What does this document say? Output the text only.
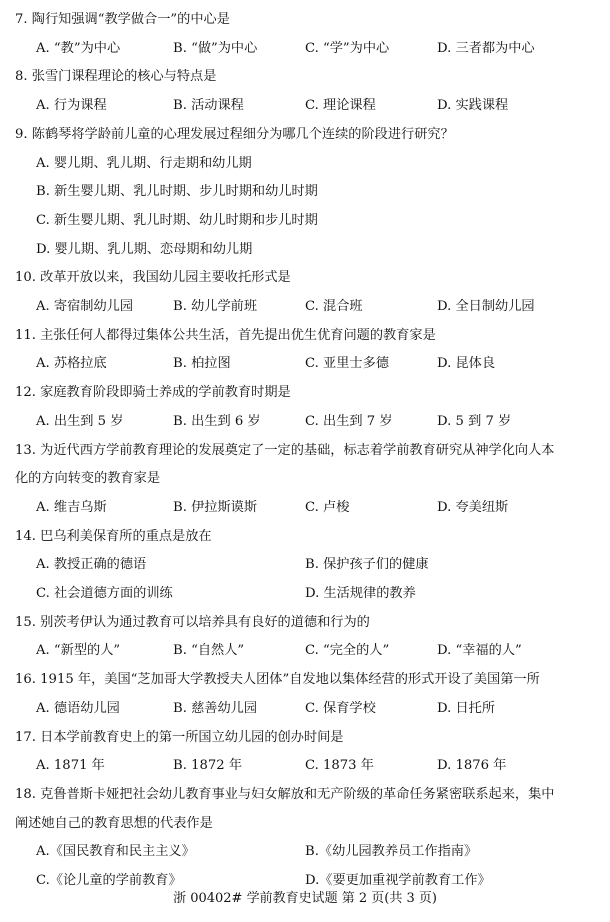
7. 陶行知强调“教学做合一”的中心是
A. “教”为中心	B. “做”为中心	C. “学”为中心	D. 三者都为中心
8. 张雪门课程理论的核心与特点是
A. 行为课程	B. 活动课程	C. 理论课程	D. 实践课程
9. 陈鹤琴将学龄前儿童的心理发展过程细分为哪几个连续的阶段进行研究？
A. 婴儿期、乳儿期、行走期和幼儿期
B. 新生婴儿期、乳儿时期、步儿时期和幼儿时期
C. 新生婴儿期、乳儿时期、幼儿时期和步儿时期
D. 婴儿期、乳儿期、恋母期和幼儿期
10. 改革开放以来，我国幼儿园主要收托形式是
A. 寄宿制幼儿园	B. 幼儿学前班	C. 混合班	D. 全日制幼儿园
11. 主张任何人都得过集体公共生活，首先提出优生优育问题的教育家是
A. 苏格拉底	B. 柏拉图	C. 亚里士多德	D. 昆体良
12. 家庭教育阶段即骑士养成的学前教育时期是
A. 出生到 5 岁	B. 出生到 6 岁	C. 出生到 7 岁	D. 5 到 7 岁
13. 为近代西方学前教育理论的发展奠定了一定的基础，标志着学前教育研究从神学化向人本
化的方向转变的教育家是
A. 维吉乌斯	B. 伊拉斯谟斯	C. 卢梭	D. 夸美纽斯
14. 巴乌利美保育所的重点是放在
A. 教授正确的德语	B. 保护孩子们的健康
C. 社会道德方面的训练	D. 生活规律的教养
15. 别茨考伊认为通过教育可以培养具有良好的道德和行为的
A. “新型的人”	B. “自然人”	C. “完全的人”	D. “幸福的人”
16. 1915 年，美国“芝加哥大学教授夫人团体”自发地以集体经营的形式开设了美国第一所
A. 德语幼儿园	B. 慈善幼儿园	C. 保育学校	D. 日托所
17. 日本学前教育史上的第一所国立幼儿园的创办时间是
A. 1871 年	B. 1872 年	C. 1873 年	D. 1876 年
18. 克鲁普斯卡娅把社会幼儿教育事业与妇女解放和无产阶级的革命任务紧密联系起来，集中
阐述她自己的教育思想的代表作是
A.《国民教育和民主主义》	B.《幼儿园教养员工作指南》
C.《论儿童的学前教育》	D.《要更加重视学前教育工作》
浙 00402# 学前教育史试题 第 2 页(共 3 页)
